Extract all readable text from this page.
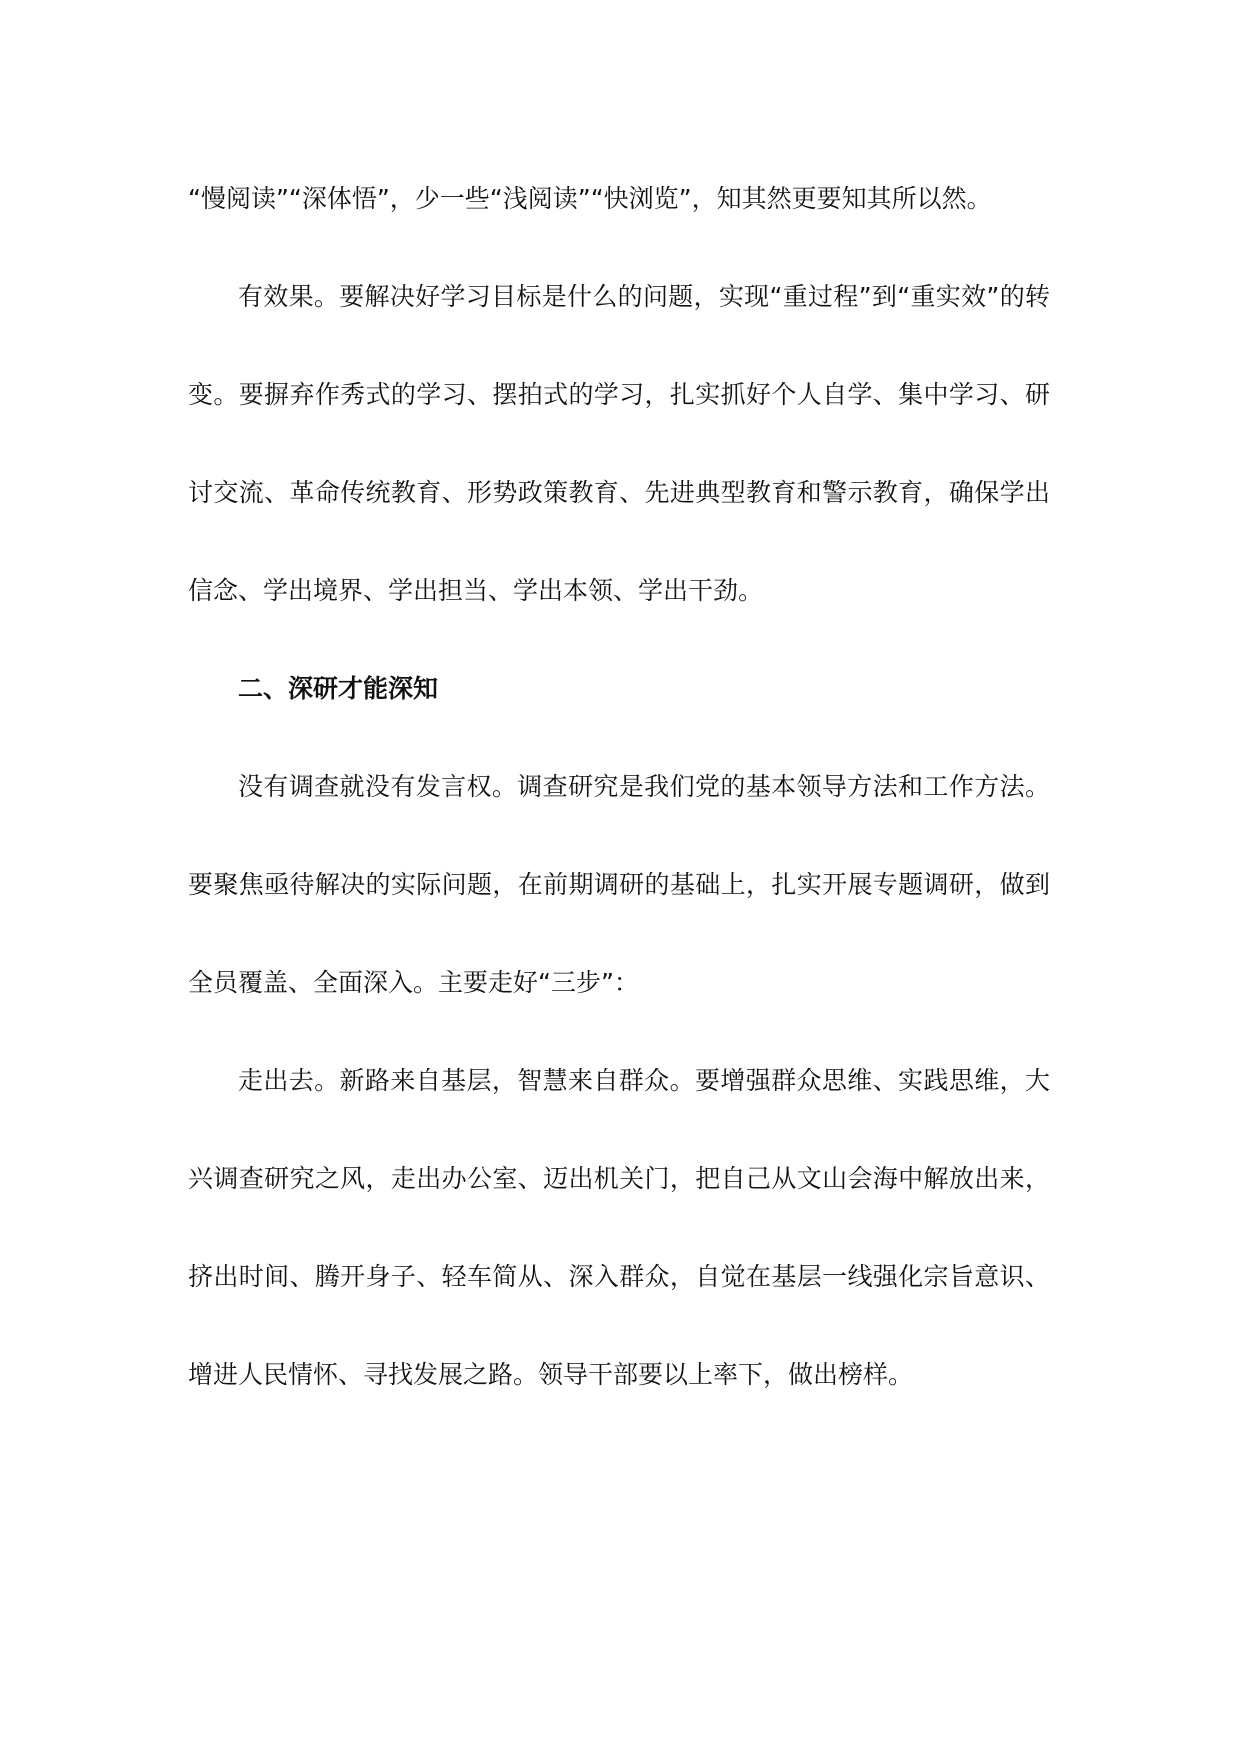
“慢阅读”“深体悟”，少一些“浅阅读”“快浏览”，知其然更要知其所以然。

有效果。要解决好学习目标是什么的问题，实现“重过程”到“重实效”的转变。要摒弃作秀式的学习、摆拍式的学习，扎实抓好个人自学、集中学习、研讨交流、革命传统教育、形势政策教育、先进典型教育和警示教育，确保学出信念、学出境界、学出担当、学出本领、学出干劲。

二、深研才能深知

没有调查就没有发言权。调查研究是我们党的基本领导方法和工作方法。要聚焦亟待解决的实际问题，在前期调研的基础上，扎实开展专题调研，做到全员覆盖、全面深入。主要走好“三步”：

走出去。新路来自基层，智慧来自群众。要增强群众思维、实践思维，大兴调查研究之风，走出办公室、迈出机关门，把自己从文山会海中解放出来，挤出时间、腾开身子、轻车简从、深入群众，自觉在基层一线强化宗旨意识、增进人民情怀、寻找发展之路。领导干部要以上率下，做出榜样。
